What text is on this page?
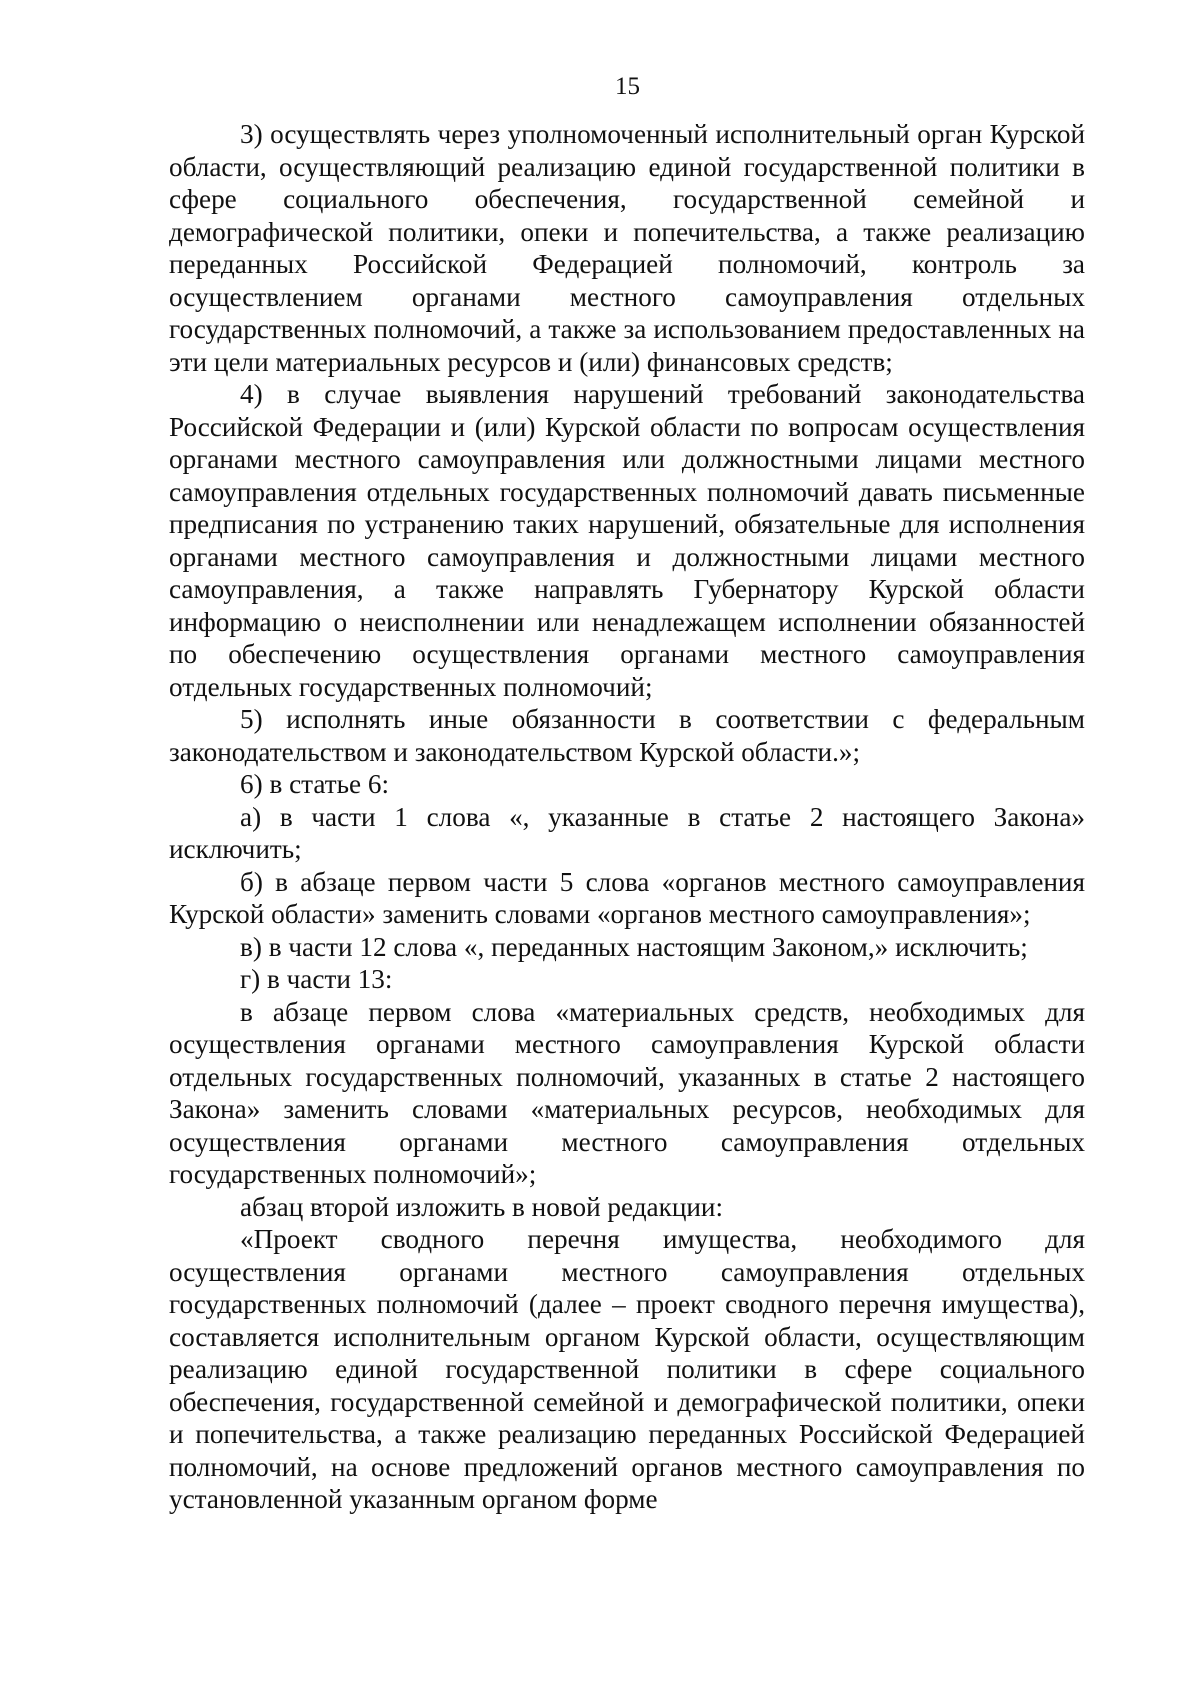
15

3) осуществлять через уполномоченный исполнительный орган Курской области, осуществляющий реализацию единой государственной политики в сфере социального обеспечения, государственной семейной и демографической политики, опеки и попечительства, а также реализацию переданных Российской Федерацией полномочий, контроль за осуществлением органами местного самоуправления отдельных государственных полномочий, а также за использованием предоставленных на эти цели материальных ресурсов и (или) финансовых средств;

4) в случае выявления нарушений требований законодательства Российской Федерации и (или) Курской области по вопросам осуществления органами местного самоуправления или должностными лицами местного самоуправления отдельных государственных полномочий давать письменные предписания по устранению таких нарушений, обязательные для исполнения органами местного самоуправления и должностными лицами местного самоуправления, а также направлять Губернатору Курской области информацию о неисполнении или ненадлежащем исполнении обязанностей по обеспечению осуществления органами местного самоуправления отдельных государственных полномочий;

5) исполнять иные обязанности в соответствии с федеральным законодательством и законодательством Курской области.»;

6) в статье 6:

а) в части 1 слова «, указанные в статье 2 настоящего Закона» исключить;

б) в абзаце первом части 5 слова «органов местного самоуправления Курской области» заменить словами «органов местного самоуправления»;

в) в части 12 слова «, переданных настоящим Законом,» исключить;

г) в части 13:

в абзаце первом слова «материальных средств, необходимых для осуществления органами местного самоуправления Курской области отдельных государственных полномочий, указанных в статье 2 настоящего Закона» заменить словами «материальных ресурсов, необходимых для осуществления органами местного самоуправления отдельных государственных полномочий»;

абзац второй изложить в новой редакции:

«Проект сводного перечня имущества, необходимого для осуществления органами местного самоуправления отдельных государственных полномочий (далее – проект сводного перечня имущества), составляется исполнительным органом Курской области, осуществляющим реализацию единой государственной политики в сфере социального обеспечения, государственной семейной и демографической политики, опеки и попечительства, а также реализацию переданных Российской Федерацией полномочий, на основе предложений органов местного самоуправления по установленной указанным органом форме
